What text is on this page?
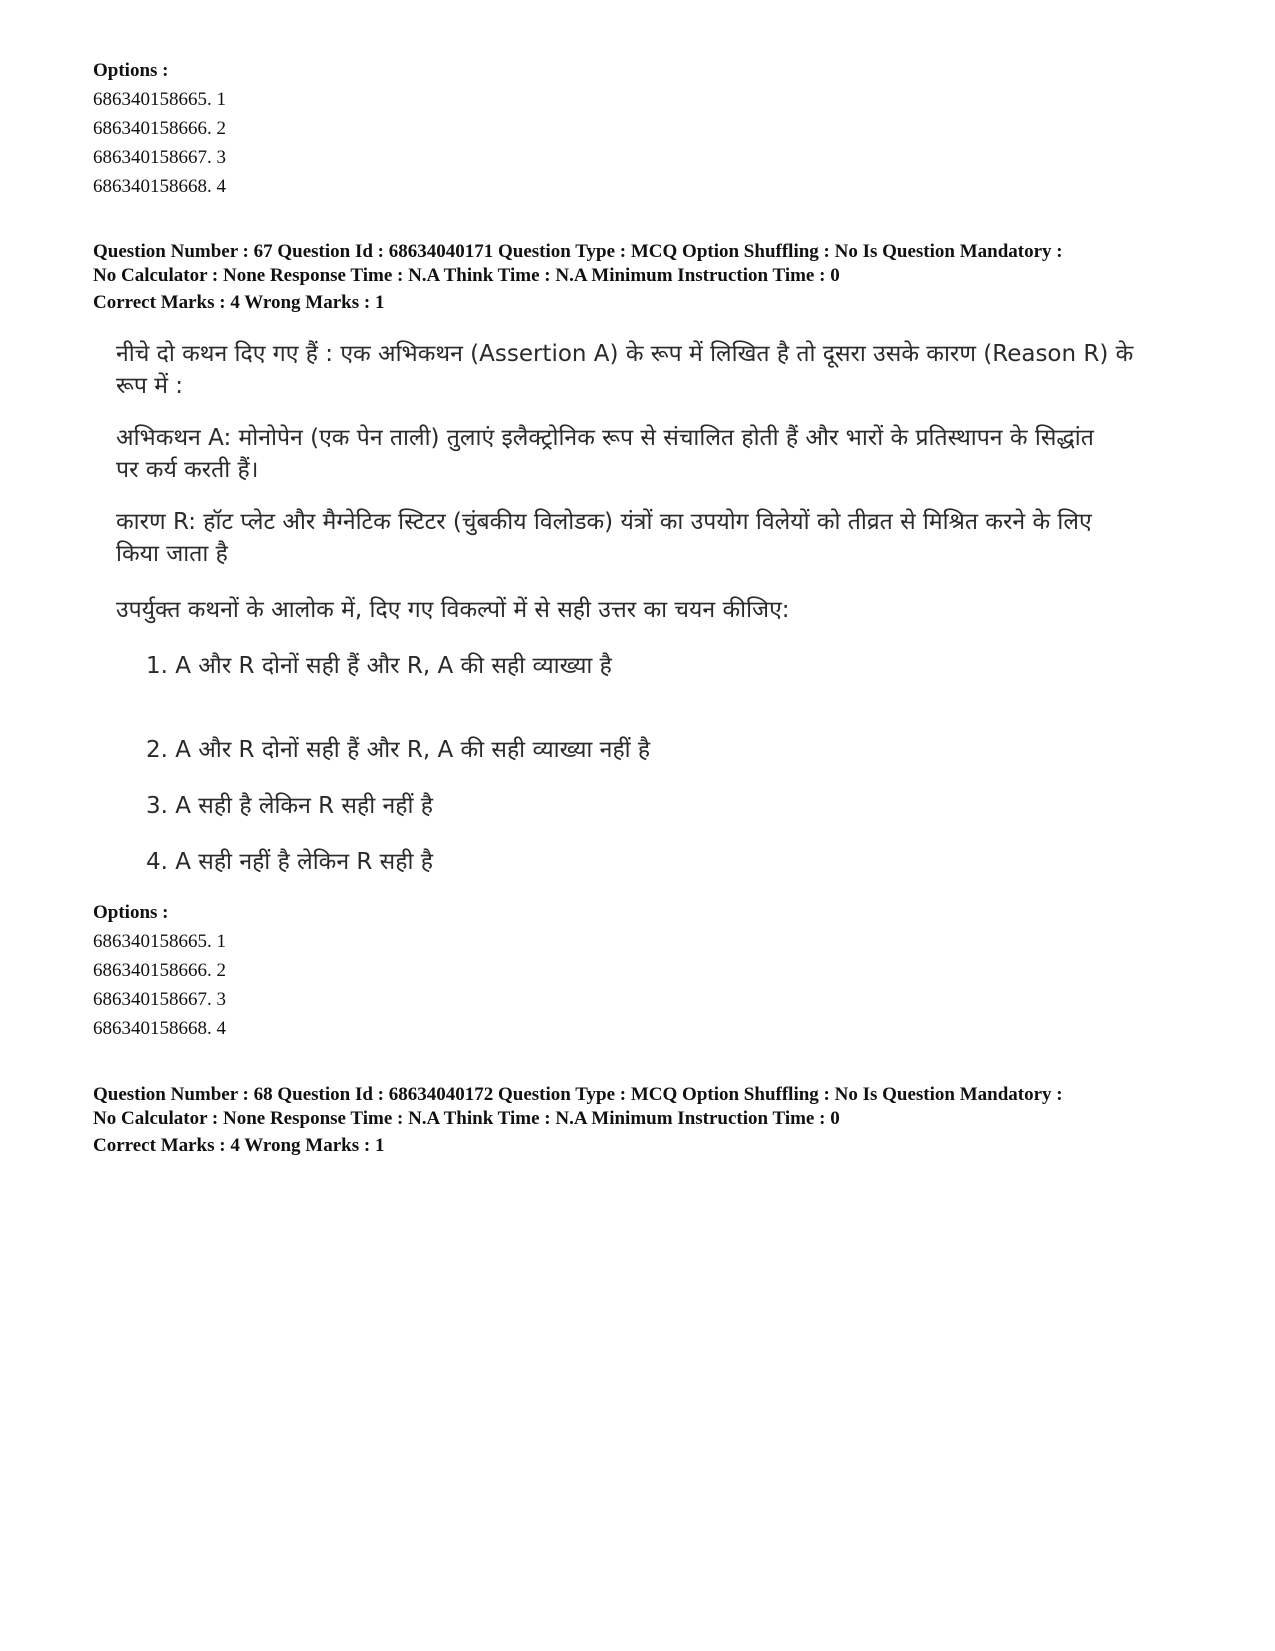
Options :
686340158665. 1
686340158666. 2
686340158667. 3
686340158668. 4
Question Number : 67 Question Id : 68634040171 Question Type : MCQ Option Shuffling : No Is Question Mandatory :
No Calculator : None Response Time : N.A Think Time : N.A Minimum Instruction Time : 0
Correct Marks : 4 Wrong Marks : 1

नीचे दो कथन दिए गए हैं : एक अभिकथन (Assertion A) के रूप में लिखित है तो दूसरा उसके कारण (Reason R) के

रूप में :

अभिकथन A: मोनोपेन (एक पेन ताली) तुलाएं इलैक्ट्रोनिक रूप से संचालित होती हैं और भारों के प्रतिस्थापन के सिद्धांत

पर कर्य करती हैं।

कारण R: हॉट प्लेट और मैग्नेटिक स्टिटर (चुंबकीय विलोडक) यंत्रों का उपयोग विलेयों को तीव्रत से मिश्रित करने के लिए

किया जाता है

उपर्युक्त कथनों के आलोक में, दिए गए विकल्पों में से सही उत्तर का चयन कीजिए:

1. A और R दोनों सही हैं और R, A की सही व्याख्या है
2. A और R दोनों सही हैं और R, A की सही व्याख्या नहीं है
3. A सही है लेकिन R सही नहीं है
4. A सही नहीं है लेकिन R सही है
Options :
686340158665. 1
686340158666. 2
686340158667. 3
686340158668. 4
Question Number : 68 Question Id : 68634040172 Question Type : MCQ Option Shuffling : No Is Question Mandatory :
No Calculator : None Response Time : N.A Think Time : N.A Minimum Instruction Time : 0
Correct Marks : 4 Wrong Marks : 1
